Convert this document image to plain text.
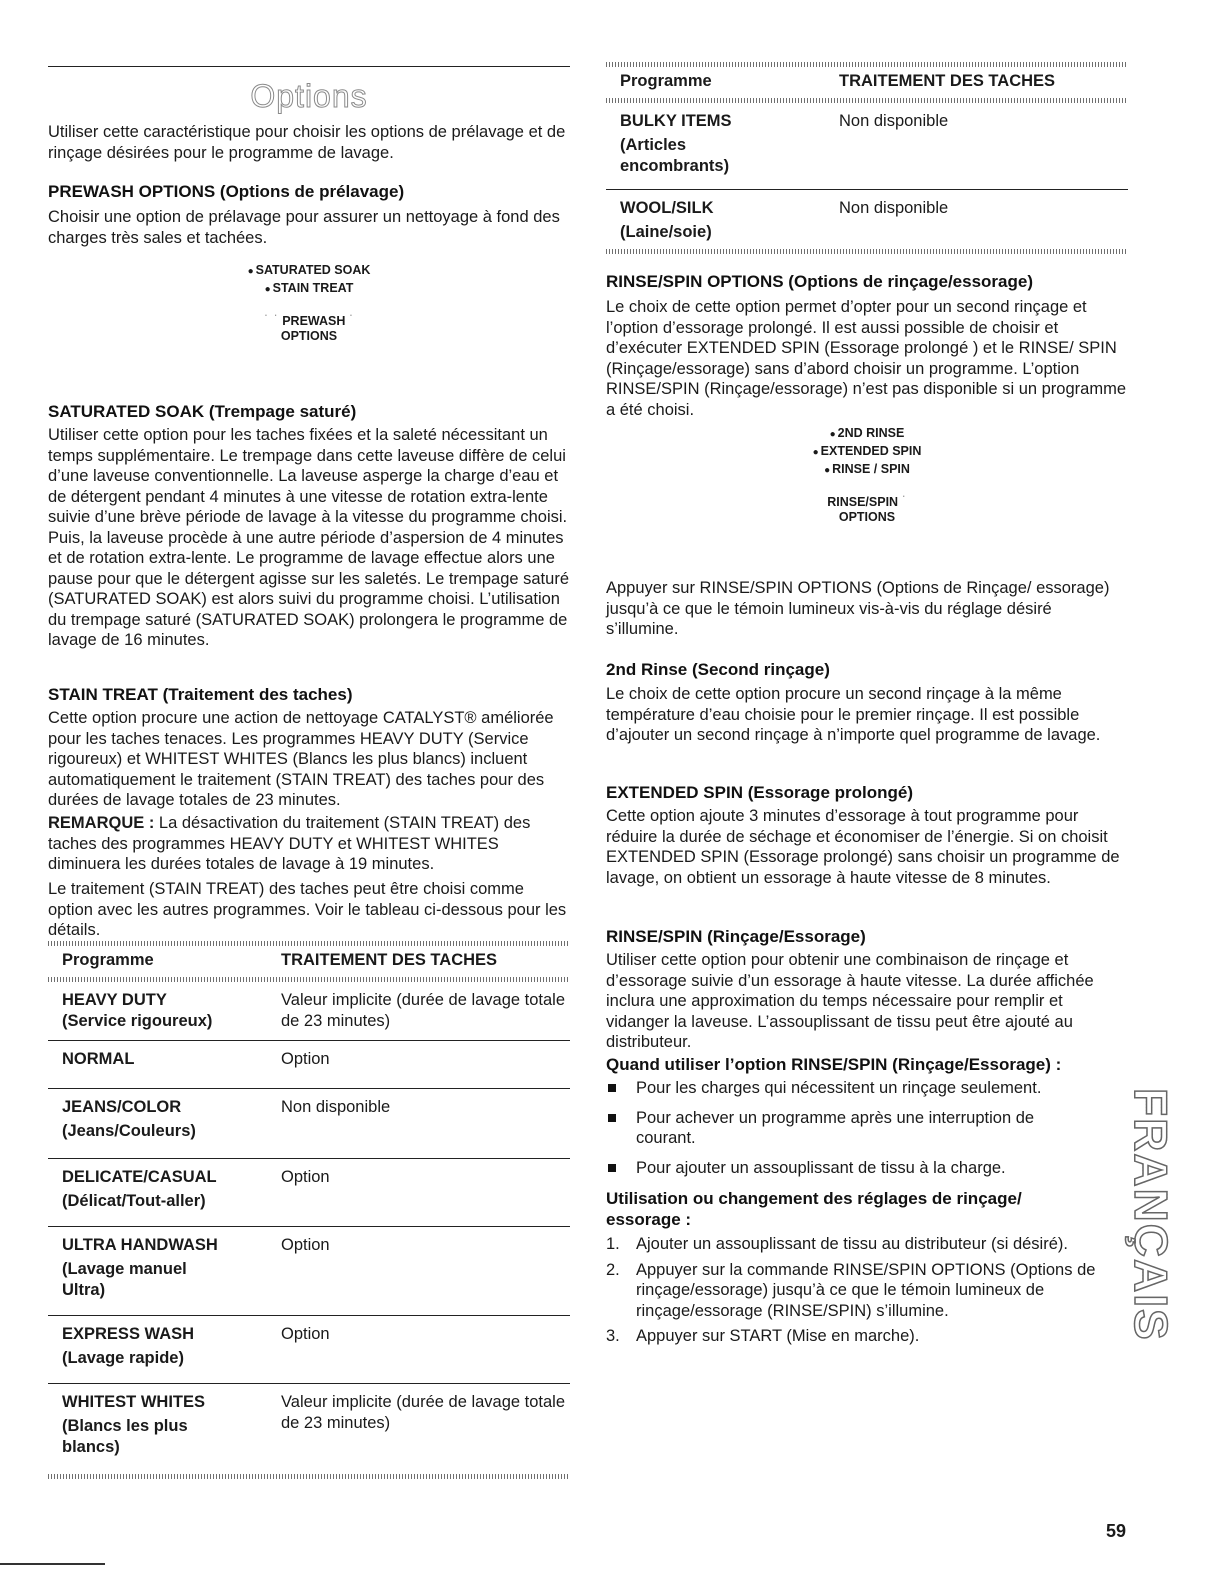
Options

Utiliser cette caractéristique pour choisir les options de prélavage et de rinçage désirées pour le programme de lavage.

PREWASH OPTIONS (Options de prélavage)

Choisir une option de prélavage pour assurer un nettoyage à fond des charges très sales et tachées.

● SATURATED SOAK
● STAIN TREAT
· · PREWASH ·
OPTIONS
SATURATED SOAK (Trempage saturé)

Utiliser cette option pour les taches fixées et la saleté nécessitant un temps supplémentaire. Le trempage dans cette laveuse diffère de celui d’une laveuse conventionnelle. La laveuse asperge la charge d’eau et de détergent pendant 4 minutes à une vitesse de rotation extra-lente suivie d’une brève période de lavage à la vitesse du programme choisi. Puis, la laveuse procède à une autre période d’aspersion de 4 minutes et de rotation extra-lente. Le programme de lavage effectue alors une pause pour que le détergent agisse sur les saletés. Le trempage saturé (SATURATED SOAK) est alors suivi du programme choisi. L’utilisation du trempage saturé (SATURATED SOAK) prolongera le programme de lavage de 16 minutes.

STAIN TREAT (Traitement des taches)

Cette option procure une action de nettoyage CATALYST® améliorée pour les taches tenaces. Les programmes HEAVY DUTY (Service rigoureux) et WHITEST WHITES (Blancs les plus blancs) incluent automatiquement le traitement (STAIN TREAT) des taches pour des durées de lavage totales de 23 minutes.

REMARQUE : La désactivation du traitement (STAIN TREAT) des taches des programmes HEAVY DUTY et WHITEST WHITES diminuera les durées totales de lavage à 19 minutes.

Le traitement (STAIN TREAT) des taches peut être choisi comme option avec les autres programmes. Voir le tableau ci-dessous pour les détails.

Programme	TRAITEMENT DES TACHES
HEAVY DUTY
(Service rigoureux)	Valeur implicite (durée de lavage totale de 23 minutes)
NORMAL	Option
JEANS/COLOR
(Jeans/Couleurs)	Non disponible
DELICATE/CASUAL
(Délicat/Tout-aller)	Option
ULTRA HANDWASH
(Lavage manuel Ultra)	Option
EXPRESS WASH
(Lavage rapide)	Option
WHITEST WHITES
(Blancs les plus blancs)	Valeur implicite (durée de lavage totale de 23 minutes)
Programme	TRAITEMENT DES TACHES
BULKY ITEMS
(Articles encombrants)	Non disponible
WOOL/SILK
(Laine/soie)	Non disponible
RINSE/SPIN OPTIONS (Options de rinçage/essorage)

Le choix de cette option permet d’opter pour un second rinçage et l’option d’essorage prolongé. Il est aussi possible de choisir et d’exécuter EXTENDED SPIN (Essorage prolongé ) et le RINSE/ SPIN (Rinçage/essorage) sans d’abord choisir un programme. L’option RINSE/SPIN (Rinçage/essorage) n’est pas disponible si un programme a été choisi.

● 2ND RINSE
● EXTENDED SPIN
● RINSE / SPIN
RINSE/SPIN ·
OPTIONS

Appuyer sur RINSE/SPIN OPTIONS (Options de Rinçage/ essorage) jusqu’à ce que le témoin lumineux vis-à-vis du réglage désiré s’illumine.

2nd Rinse (Second rinçage)

Le choix de cette option procure un second rinçage à la même température d’eau choisie pour le premier rinçage. Il est possible d’ajouter un second rinçage à n’importe quel programme de lavage.

EXTENDED SPIN (Essorage prolongé)

Cette option ajoute 3 minutes d’essorage à tout programme pour réduire la durée de séchage et économiser de l’énergie. Si on choisit EXTENDED SPIN (Essorage prolongé) sans choisir un programme de lavage, on obtient un essorage à haute vitesse de 8 minutes.

RINSE/SPIN (Rinçage/Essorage)

Utiliser cette option pour obtenir une combinaison de rinçage et d’essorage suivie d’un essorage à haute vitesse. La durée affichée inclura une approximation du temps nécessaire pour remplir et vidanger la laveuse. L’assouplissant de tissu peut être ajouté au distributeur.

Quand utiliser l’option RINSE/SPIN (Rinçage/Essorage) :
Pour les charges qui nécessitent un rinçage seulement.
Pour achever un programme après une interruption de courant.
Pour ajouter un assouplissant de tissu à la charge.
Utilisation ou changement des réglages de rinçage/ essorage :
1. Ajouter un assouplissant de tissu au distributeur (si désiré).
2. Appuyer sur la commande RINSE/SPIN OPTIONS (Options de rinçage/essorage) jusqu’à ce que le témoin lumineux de rinçage/essorage (RINSE/SPIN) s’illumine.
3. Appuyer sur START (Mise en marche).	FRANÇAIS
59
